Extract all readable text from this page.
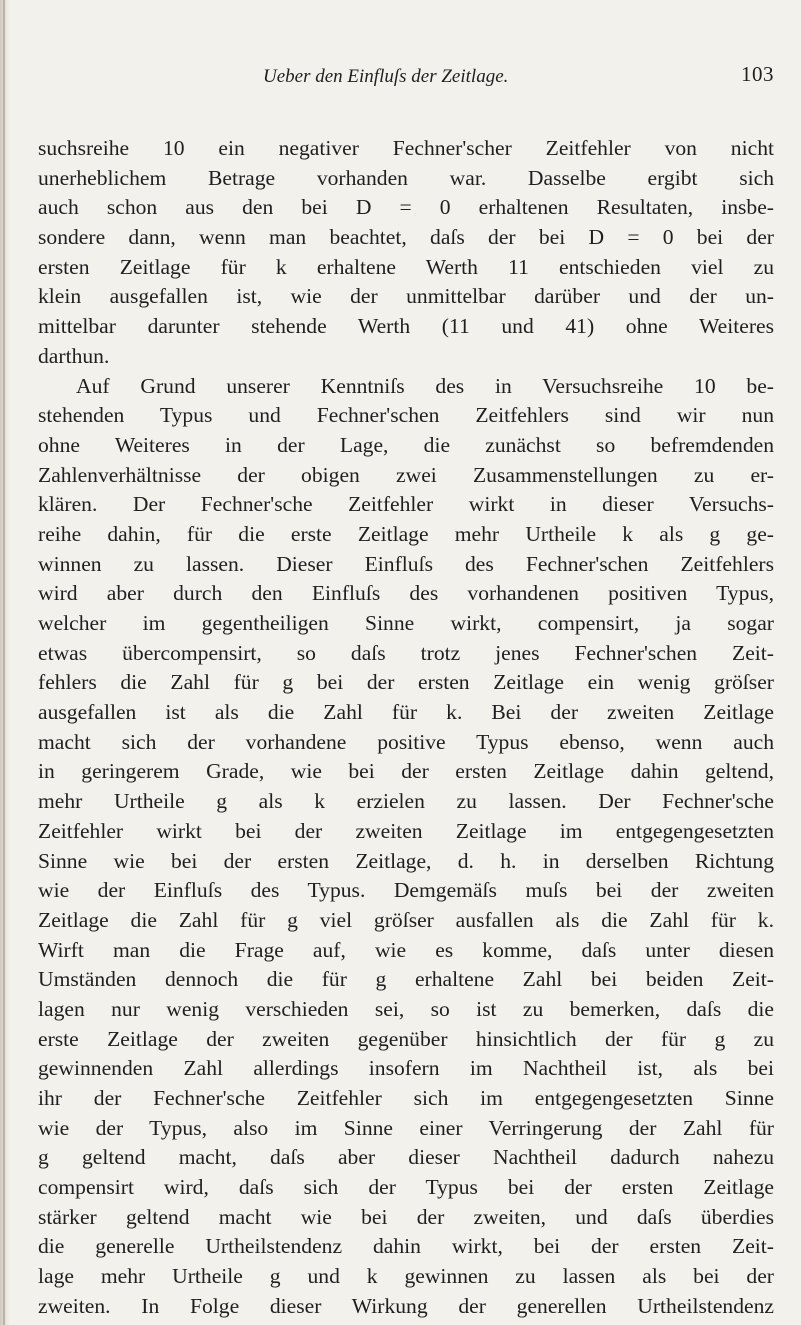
Ueber den Einfluſs der Zeitlage.	103
suchsreihe 10 ein negativer Fechner'scher Zeitfehler von nicht
unerheblichem Betrage vorhanden war. Dasselbe ergibt sich
auch schon aus den bei D = 0 erhaltenen Resultaten, insbe-
sondere dann, wenn man beachtet, daſs der bei D = 0 bei der
ersten Zeitlage für k erhaltene Werth 11 entschieden viel zu
klein ausgefallen ist, wie der unmittelbar darüber und der un-
mittelbar darunter stehende Werth (11 und 41) ohne Weiteres
darthun.
Auf Grund unserer Kenntniſs des in Versuchsreihe 10 be-
stehenden Typus und Fechner'schen Zeitfehlers sind wir nun
ohne Weiteres in der Lage, die zunächst so befremdenden
Zahlenverhältnisse der obigen zwei Zusammenstellungen zu er-
klären. Der Fechner'sche Zeitfehler wirkt in dieser Versuchs-
reihe dahin, für die erste Zeitlage mehr Urtheile k als g ge-
winnen zu lassen. Dieser Einfluſs des Fechner'schen Zeitfehlers
wird aber durch den Einfluſs des vorhandenen positiven Typus,
welcher im gegentheiligen Sinne wirkt, compensirt, ja sogar
etwas übercompensirt, so daſs trotz jenes Fechner'schen Zeit-
fehlers die Zahl für g bei der ersten Zeitlage ein wenig gröſser
ausgefallen ist als die Zahl für k. Bei der zweiten Zeitlage
macht sich der vorhandene positive Typus ebenso, wenn auch
in geringerem Grade, wie bei der ersten Zeitlage dahin geltend,
mehr Urtheile g als k erzielen zu lassen. Der Fechner'sche
Zeitfehler wirkt bei der zweiten Zeitlage im entgegengesetzten
Sinne wie bei der ersten Zeitlage, d. h. in derselben Richtung
wie der Einfluſs des Typus. Demgemäſs muſs bei der zweiten
Zeitlage die Zahl für g viel gröſser ausfallen als die Zahl für k.
Wirft man die Frage auf, wie es komme, daſs unter diesen
Umständen dennoch die für g erhaltene Zahl bei beiden Zeit-
lagen nur wenig verschieden sei, so ist zu bemerken, daſs die
erste Zeitlage der zweiten gegenüber hinsichtlich der für g zu
gewinnenden Zahl allerdings insofern im Nachtheil ist, als bei
ihr der Fechner'sche Zeitfehler sich im entgegengesetzten Sinne
wie der Typus, also im Sinne einer Verringerung der Zahl für
g geltend macht, daſs aber dieser Nachtheil dadurch nahezu
compensirt wird, daſs sich der Typus bei der ersten Zeitlage
stärker geltend macht wie bei der zweiten, und daſs überdies
die generelle Urtheilstendenz dahin wirkt, bei der ersten Zeit-
lage mehr Urtheile g und k gewinnen zu lassen als bei der
zweiten. In Folge dieser Wirkung der generellen Urtheilstendenz
